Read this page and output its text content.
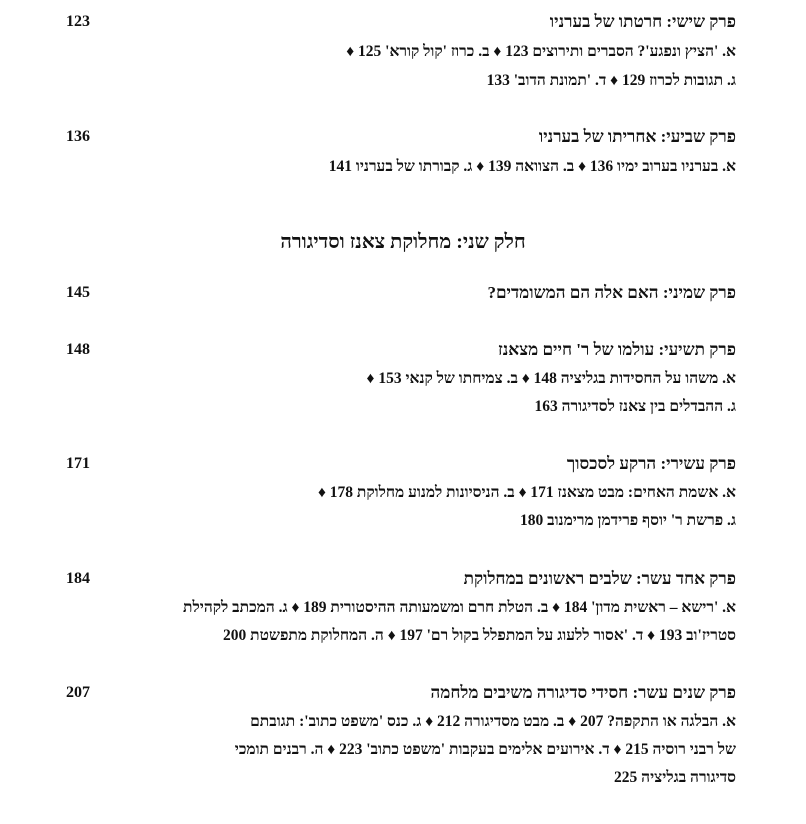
123	פרק שישי: חרטתו של בערניו
א. 'הציץ ונפגע'? הסברים ותירוצים 123 ♦ ב. כרוז 'קול קורא' 125 ♦
ג. תגובות לכרוז 129 ♦ ד. 'תמונת הדוב' 133
136	פרק שביעי: אחריתו של בערניו
א. בערניו בערוב ימיו 136 ♦ ב. הצוואה 139 ♦ ג. קבורתו של בערניו 141
חלק שני: מחלוקת צאנז וסדיגורה
145	פרק שמיני: האם אלה הם המשומדים?
148	פרק תשיעי: עולמו של ר' חיים מצאנז
א. משהו על החסידות בגליציה 148 ♦ ב. צמיחתו של קנאי 153 ♦
ג. ההבדלים בין צאנז לסדיגורה 163
171	פרק עשירי: הרקע לסכסוך
א. אשמת האחים: מבט מצאנז 171 ♦ ב. הניסיונות למנוע מחלוקת 178 ♦
ג. פרשת ר' יוסף פרידמן מרימנוב 180
184	פרק אחד עשר: שלבים ראשונים במחלוקת
א. 'רישא – ראשית מדון' 184 ♦ ב. הטלת חרם ומשמעותה ההיסטורית 189 ♦ ג. המכתב לקהילת
סטריז'וב 193 ♦ ד. 'אסור ללעוג על המתפלל בקול רם' 197 ♦ ה. המחלוקת מתפשטת 200
207	פרק שנים עשר: חסידי סדיגורה משיבים מלחמה
א. הבלגה או התקפה? 207 ♦ ב. מבט מסדיגורה 212 ♦ ג. כנס 'משפט כתוב': תגובתם
של רבני רוסיה 215 ♦ ד. אירועים אלימים בעקבות 'משפט כתוב' 223 ♦ ה. רבנים תומכי
סדיגורה בגליציה 225
